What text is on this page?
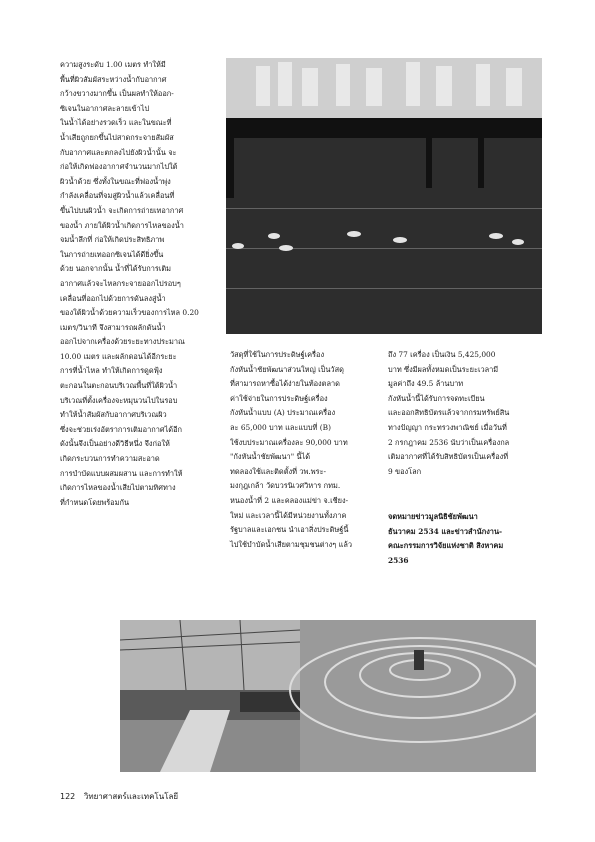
ความสูงระดับ 1.00 เมตร ทำให้มี
พื้นที่ผิวสัมผัสระหว่างน้ำกับอากาศ
กว้างขวางมากขึ้น เป็นผลทำให้ออก-
ซิเจนในอากาศละลายเข้าไป
ในน้ำได้อย่างรวดเร็ว และในขณะที่
น้ำเสียถูกยกขึ้นไปสาดกระจายสัมผัส
กับอากาศและตกลงไปยังผิวน้ำนั้น จะ
ก่อให้เกิดฟองอากาศจำนวนมากไปใต้
ผิวน้ำด้วย ซึ่งทั้งในขณะที่ฟองน้ำพุ่ง
กำลังเคลื่อนที่จมสู่ผิวน้ำแล้วเคลื่อนที่
ขึ้นไปบนผิวน้ำ จะเกิดการถ่ายเทอากาศ
ของน้ำ ภายใต้ผิวน้ำเกิดการไหลของน้ำ
จมน้ำลึกที่ ก่อให้เกิดประสิทธิภาพ
ในการถ่ายเทออกซิเจนได้ดียิ่งขึ้น
ด้วย นอกจากนั้น น้ำที่ได้รับการเติม
อากาศแล้วจะไหลกระจายออกไปรอบๆ
เคลื่อนที่ออกไปด้วยการดันลงสู่น้ำ
ของใต้ผิวน้ำด้วยความเร็วของการไหล 0.20
เมตร/วินาที จึงสามารถผลักดันน้ำ
ออกไปจากเครื่องด้วยระยะทางประมาณ
10.00 เมตร และผลักดอนได้อีกระยะ
การที่น้ำไหล ทำให้เกิดการดูดฟุ้ง
ตะกอนในตะกอนบริเวณพื้นที่ใต้ผิวน้ำ
บริเวณที่ตั้งเครื่องจะหมุนวนไปในรอบ
ทำให้น้ำสัมผัสกับอากาศบริเวณผิว
ซึ่งจะช่วยเร่งอัตราการเติมอากาศได้อีก
ดังนั้นจึงเป็นอย่างดีวิธีหนึ่ง จึงก่อให้
เกิดกระบวนการทำความสะอาด
การบำบัดแบบผสมผสาน และการทำให้
เกิดการไหลของน้ำเสียไปตามทิศทาง
ที่กำหนดโดยพร้อมกัน
วัสดุที่ใช้ในการประดิษฐ์เครื่อง
กังหันน้ำชัยพัฒนาส่วนใหญ่ เป็นวัสดุ
ที่สามารถหาซื้อได้ง่ายในท้องตลาด
ค่าใช้จ่ายในการประดิษฐ์เครื่อง
กังหันน้ำแบบ (A) ประมาณเครื่อง
ละ 65,000 บาท และแบบที่ (B)
ใช้งบประมาณเครื่องละ 90,000 บาท
"กังหันน้ำชัยพัฒนา" นี้ได้
ทดลองใช้และติดตั้งที่ วพ.พระ-
มงกุฎเกล้า วัดบวรนิเวศวิหาร กทม.
หนองน้ำที่ 2 และคลองแม่ข่า จ.เชียง-
ใหม่ และเวลานี้ได้มีหน่วยงานทั้งภาค
รัฐบาลและเอกชน นำเอาสิ่งประดิษฐ์นี้
ไปใช้บำบัดน้ำเสียตามชุมชนต่างๆ แล้ว
ถึง 77 เครื่อง เป็นเงิน 5,425,000
บาท ซึ่งมีผลทั้งหมดเป็นระยะเวลามี
มูลค่าถึง 49.5 ล้านบาท
กังหันน้ำนี้ได้รับการจดทะเบียน
และออกสิทธิบัตรแล้วจากกรมทรัพย์สิน
ทางปัญญา กระทรวงพาณิชย์ เมื่อวันที่
2 กรกฎาคม 2536 นับว่าเป็นเครื่องกล
เติมอากาศที่ได้รับสิทธิบัตรเป็นเครื่องที่
9 ของโลก
จดหมายข่าวมูลนิธิชัยพัฒนา
ธันวาคม 2534 และข่าวสำนักงาน-
คณะกรรมการวิจัยแห่งชาติ สิงหาคม
2536
122 วิทยาศาสตร์และเทคโนโลยี
